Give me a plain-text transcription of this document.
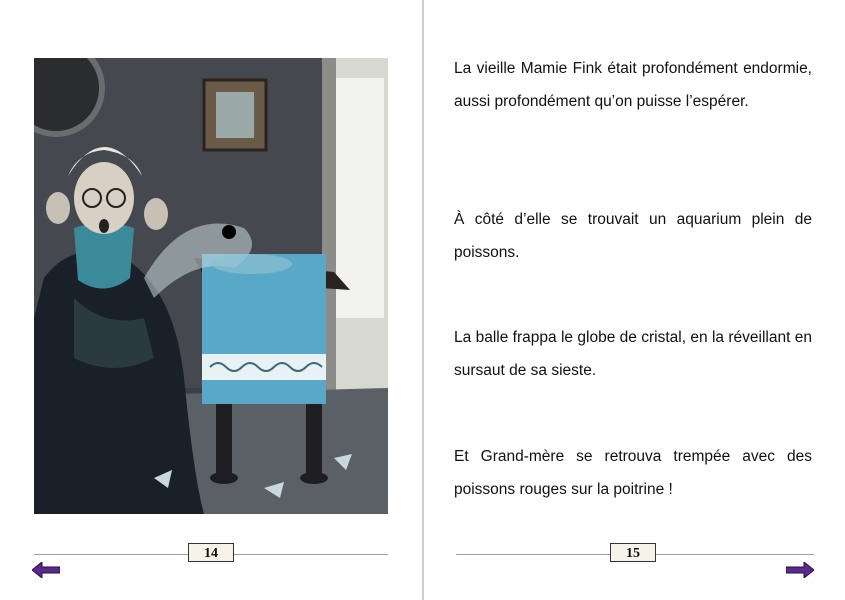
14
La vieille Mamie Fink était profondément endormie, aussi profondément qu’on puisse l’espérer.
À côté d’elle se trouvait un aquarium plein de poissons.
La balle frappa le globe de cristal, en la réveillant en sursaut de sa sieste.
Et Grand-mère se retrouva trempée avec des poissons rouges sur la poitrine !
15
